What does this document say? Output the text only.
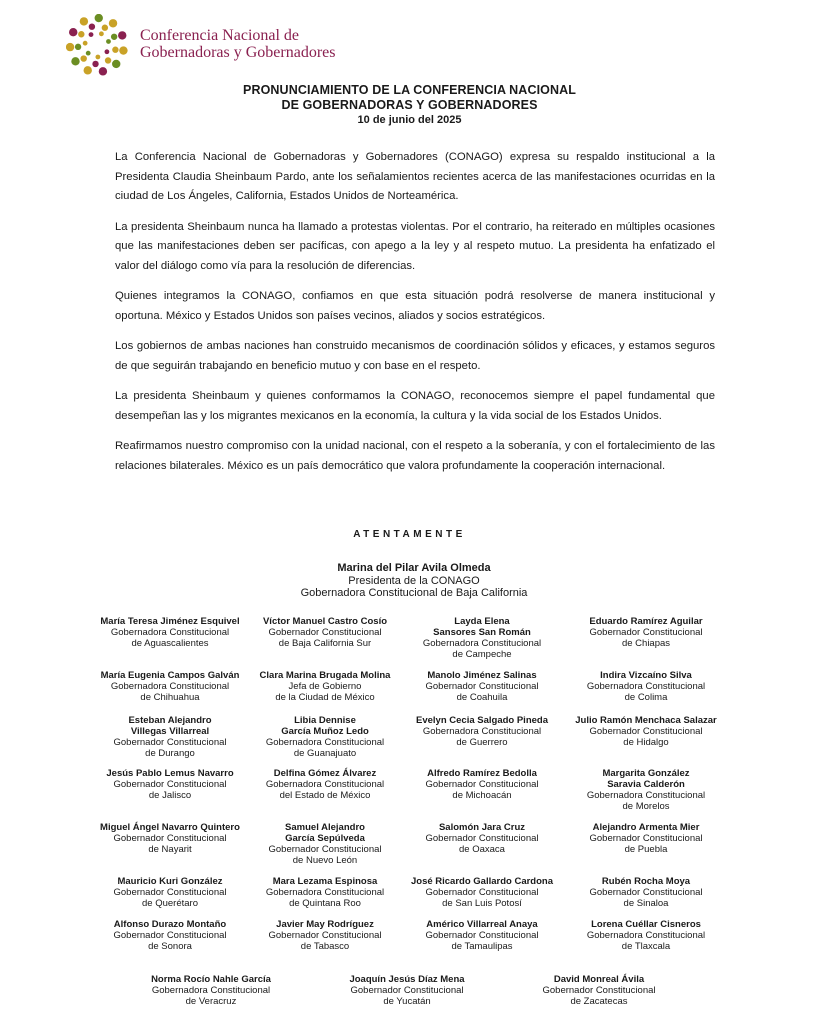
Conferencia Nacional de
Gobernadoras y Gobernadores
PRONUNCIAMIENTO DE LA CONFERENCIA NACIONAL
DE GOBERNADORAS Y GOBERNADORES
10 de junio del 2025

La Conferencia Nacional de Gobernadoras y Gobernadores (CONAGO) expresa su respaldo institucional a la Presidenta Claudia Sheinbaum Pardo, ante los señalamientos recientes acerca de las manifestaciones ocurridas en la ciudad de Los Ángeles, California, Estados Unidos de Norteamérica.

La presidenta Sheinbaum nunca ha llamado a protestas violentas. Por el contrario, ha reiterado en múltiples ocasiones que las manifestaciones deben ser pacíficas, con apego a la ley y al respeto mutuo. La presidenta ha enfatizado el valor del diálogo como vía para la resolución de diferencias.

Quienes integramos la CONAGO, confiamos en que esta situación podrá resolverse de manera institucional y oportuna. México y Estados Unidos son países vecinos, aliados y socios estratégicos.

Los gobiernos de ambas naciones han construido mecanismos de coordinación sólidos y eficaces, y estamos seguros de que seguirán trabajando en beneficio mutuo y con base en el respeto.

La presidenta Sheinbaum y quienes conformamos la CONAGO, reconocemos siempre el papel fundamental que desempeñan las y los migrantes mexicanos en la economía, la cultura y la vida social de los Estados Unidos.

Reafirmamos nuestro compromiso con la unidad nacional, con el respeto a la soberanía, y con el fortalecimiento de las relaciones bilaterales. México es un país democrático que valora profundamente la cooperación internacional.

ATENTAMENTE
Marina del Pilar Avila Olmeda
Presidenta de la CONAGO
Gobernadora Constitucional de Baja California
María Teresa Jiménez Esquivel
Gobernadora Constitucional
de Aguascalientes
Víctor Manuel Castro Cosío
Gobernador Constitucional
de Baja California Sur
Layda Elena
Sansores San Román
Gobernadora Constitucional
de Campeche
Eduardo Ramírez Aguilar
Gobernador Constitucional
de Chiapas
María Eugenia Campos Galván
Gobernadora Constitucional
de Chihuahua
Clara Marina Brugada Molina
Jefa de Gobierno
de la Ciudad de México
Manolo Jiménez Salinas
Gobernador Constitucional
de Coahuila
Indira Vizcaíno Silva
Gobernadora Constitucional
de Colima
Esteban Alejandro
Villegas Villarreal
Gobernador Constitucional
de Durango
Libia Dennise
García Muñoz Ledo
Gobernadora Constitucional
de Guanajuato
Evelyn Cecia Salgado Pineda
Gobernadora Constitucional
de Guerrero
Julio Ramón Menchaca Salazar
Gobernador Constitucional
de Hidalgo
Jesús Pablo Lemus Navarro
Gobernador Constitucional
de Jalisco
Delfina Gómez Álvarez
Gobernadora Constitucional
del Estado de México
Alfredo Ramírez Bedolla
Gobernador Constitucional
de Michoacán
Margarita González
Saravia Calderón
Gobernadora Constitucional
de Morelos
Miguel Ángel Navarro Quintero
Gobernador Constitucional
de Nayarit
Samuel Alejandro
García Sepúlveda
Gobernador Constitucional
de Nuevo León
Salomón Jara Cruz
Gobernador Constitucional
de Oaxaca
Alejandro Armenta Mier
Gobernador Constitucional
de Puebla
Mauricio Kuri González
Gobernador Constitucional
de Querétaro
Mara Lezama Espinosa
Gobernadora Constitucional
de Quintana Roo
José Ricardo Gallardo Cardona
Gobernador Constitucional
de San Luis Potosí
Rubén Rocha Moya
Gobernador Constitucional
de Sinaloa
Alfonso Durazo Montaño
Gobernador Constitucional
de Sonora
Javier May Rodríguez
Gobernador Constitucional
de Tabasco
Américo Villarreal Anaya
Gobernador Constitucional
de Tamaulipas
Lorena Cuéllar Cisneros
Gobernadora Constitucional
de Tlaxcala
Norma Rocío Nahle García
Gobernadora Constitucional
de Veracruz
Joaquín Jesús Díaz Mena
Gobernador Constitucional
de Yucatán
David Monreal Ávila
Gobernador Constitucional
de Zacatecas
